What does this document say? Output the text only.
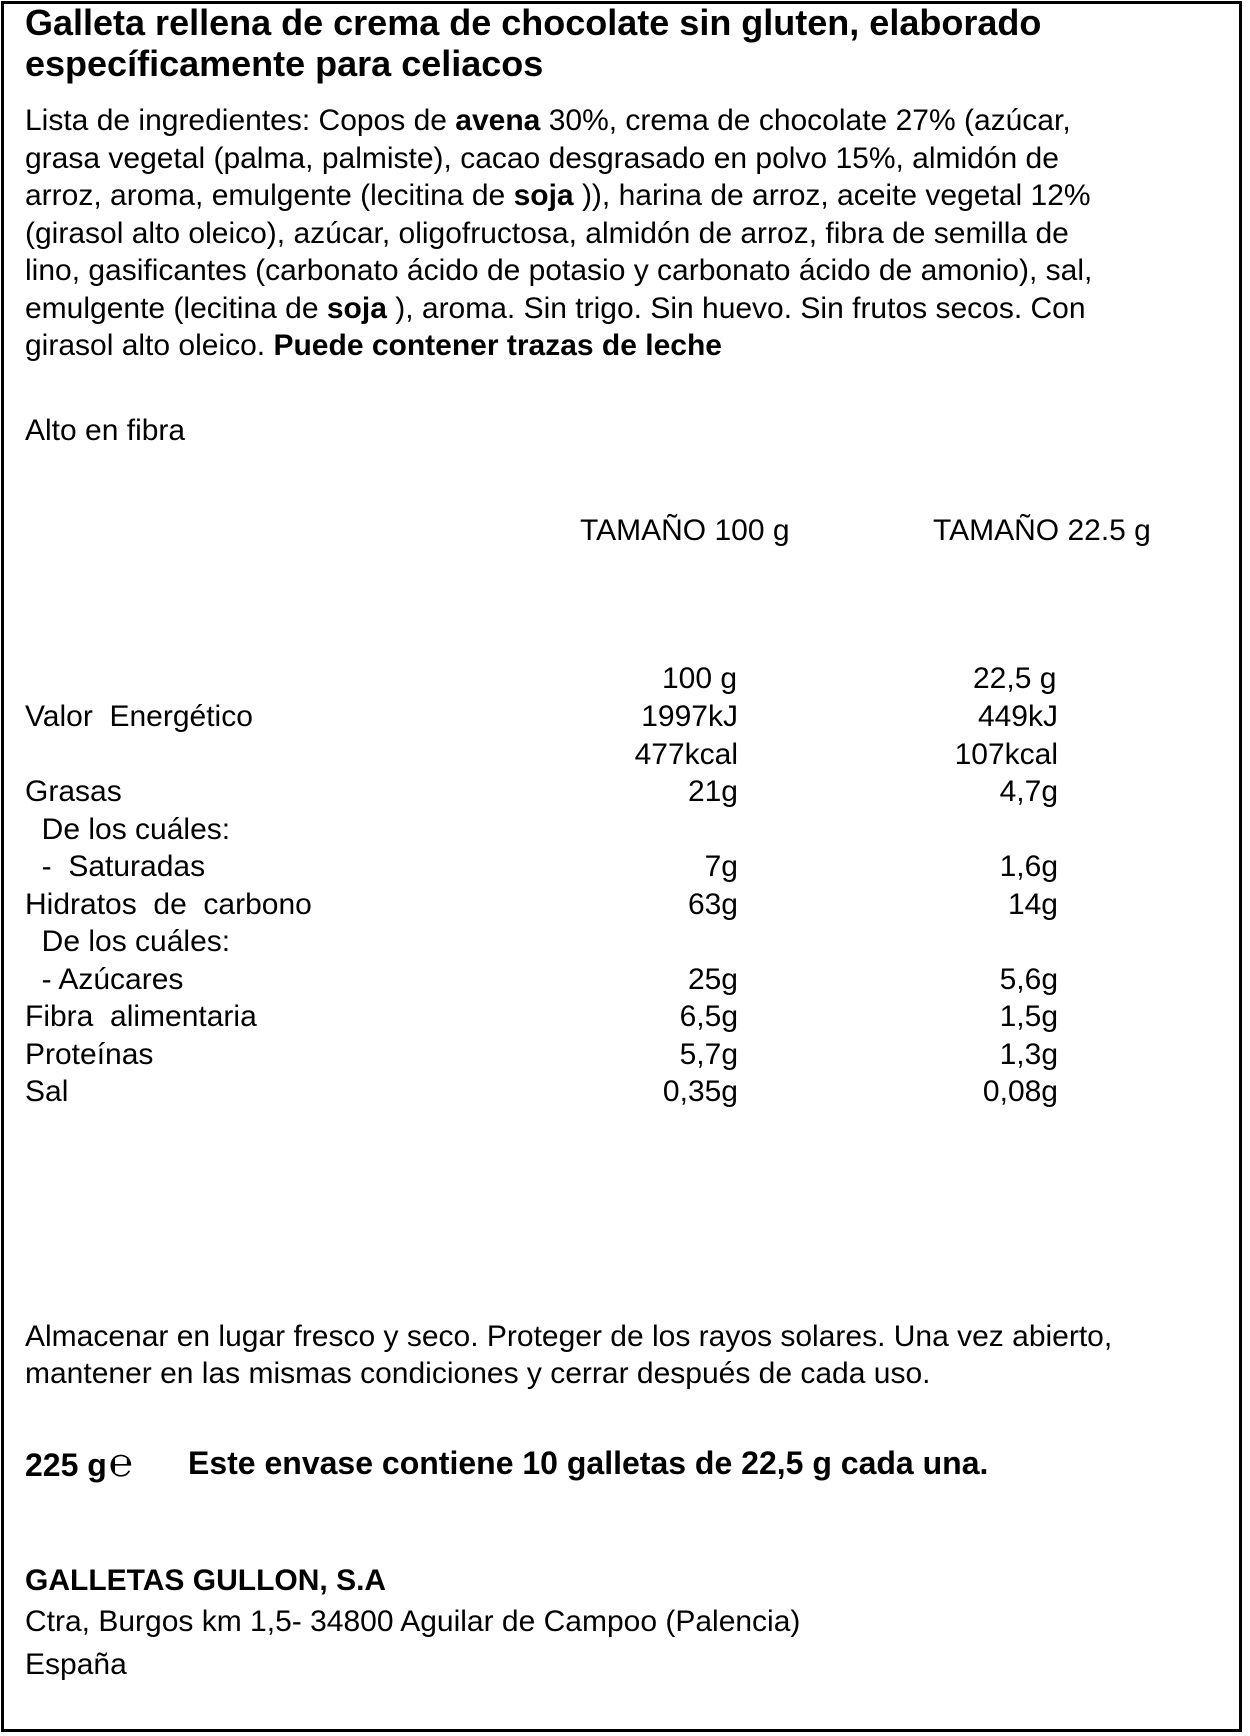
Galleta rellena de crema de chocolate sin gluten, elaborado específicamente para celiacos
Lista de ingredientes: Copos de avena 30%, crema de chocolate 27% (azúcar,
grasa vegetal (palma, palmiste), cacao desgrasado en polvo 15%, almidón de
arroz, aroma, emulgente (lecitina de soja )), harina de arroz, aceite vegetal 12%
(girasol alto oleico), azúcar, oligofructosa, almidón de arroz, fibra de semilla de
lino, gasificantes (carbonato ácido de potasio y carbonato ácido de amonio), sal,
emulgente (lecitina de soja ), aroma. Sin trigo. Sin huevo. Sin frutos secos. Con
girasol alto oleico. Puede contener trazas de leche
Alto en fibra
TAMAÑO 100 g	TAMAÑO 22.5 g
100 g	22,5 g
Valor  Energético	1997kJ	449kJ
477kcal	107kcal
Grasas	21g	4,7g
De los cuáles:
-  Saturadas	7g	1,6g
Hidratos  de  carbono	63g	14g
De los cuáles:
- Azúcares	25g	5,6g
Fibra  alimentaria	6,5g	1,5g
Proteínas	5,7g	1,3g
Sal	0,35g	0,08g
Almacenar en lugar fresco y seco. Proteger de los rayos solares. Una vez abierto,
mantener en las mismas condiciones y cerrar después de cada uso.
225 g℮ Este envase contiene 10 galletas de 22,5 g cada una.
GALLETAS GULLON, S.A
Ctra, Burgos km 1,5- 34800 Aguilar de Campoo (Palencia)
España
